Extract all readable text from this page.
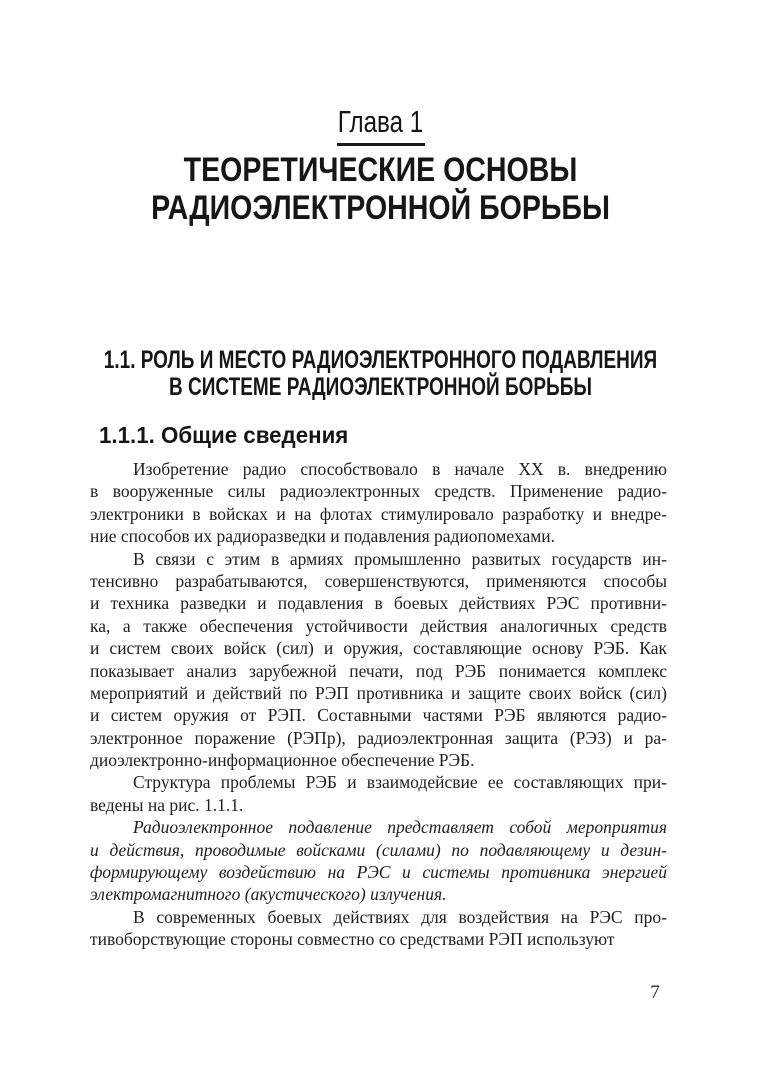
Глава 1
ТЕОРЕТИЧЕСКИЕ ОСНОВЫ
РАДИОЭЛЕКТРОННОЙ БОРЬБЫ
1.1. РОЛЬ И МЕСТО РАДИОЭЛЕКТРОННОГО ПОДАВЛЕНИЯ
В СИСТЕМЕ РАДИОЭЛЕКТРОННОЙ БОРЬБЫ
1.1.1. Общие сведения
Изобретение радио способствовало в начале ХХ в. внедрению
в вооруженные силы радиоэлектронных средств. Применение радио-
электроники в войсках и на флотах стимулировало разработку и внедре-
ние способов их радиоразведки и подавления радиопомехами.
В связи с этим в армиях промышленно развитых государств ин-
тенсивно разрабатываются, совершенствуются, применяются способы
и техника разведки и подавления в боевых действиях РЭС противни-
ка, а также обеспечения устойчивости действия аналогичных средств
и систем своих войск (сил) и оружия, составляющие основу РЭБ. Как
показывает анализ зарубежной печати, под РЭБ понимается комплекс
мероприятий и действий по РЭП противника и защите своих войск (сил)
и систем оружия от РЭП. Составными частями РЭБ являются радио-
электронное поражение (РЭПр), радиоэлектронная защита (РЭЗ) и ра-
диоэлектронно-информационное обеспечение РЭБ.
Структура проблемы РЭБ и взаимодейсвие ее составляющих при-
ведены на рис. 1.1.1.
Радиоэлектронное подавление представляет собой мероприятия
и действия, проводимые войсками (силами) по подавляющему и дезин-
формирующему воздействию на РЭС и системы противника энергией
электромагнитного (акустического) излучения.
В современных боевых действиях для воздействия на РЭС про-
тивоборствующие стороны совместно со средствами РЭП используют
7
